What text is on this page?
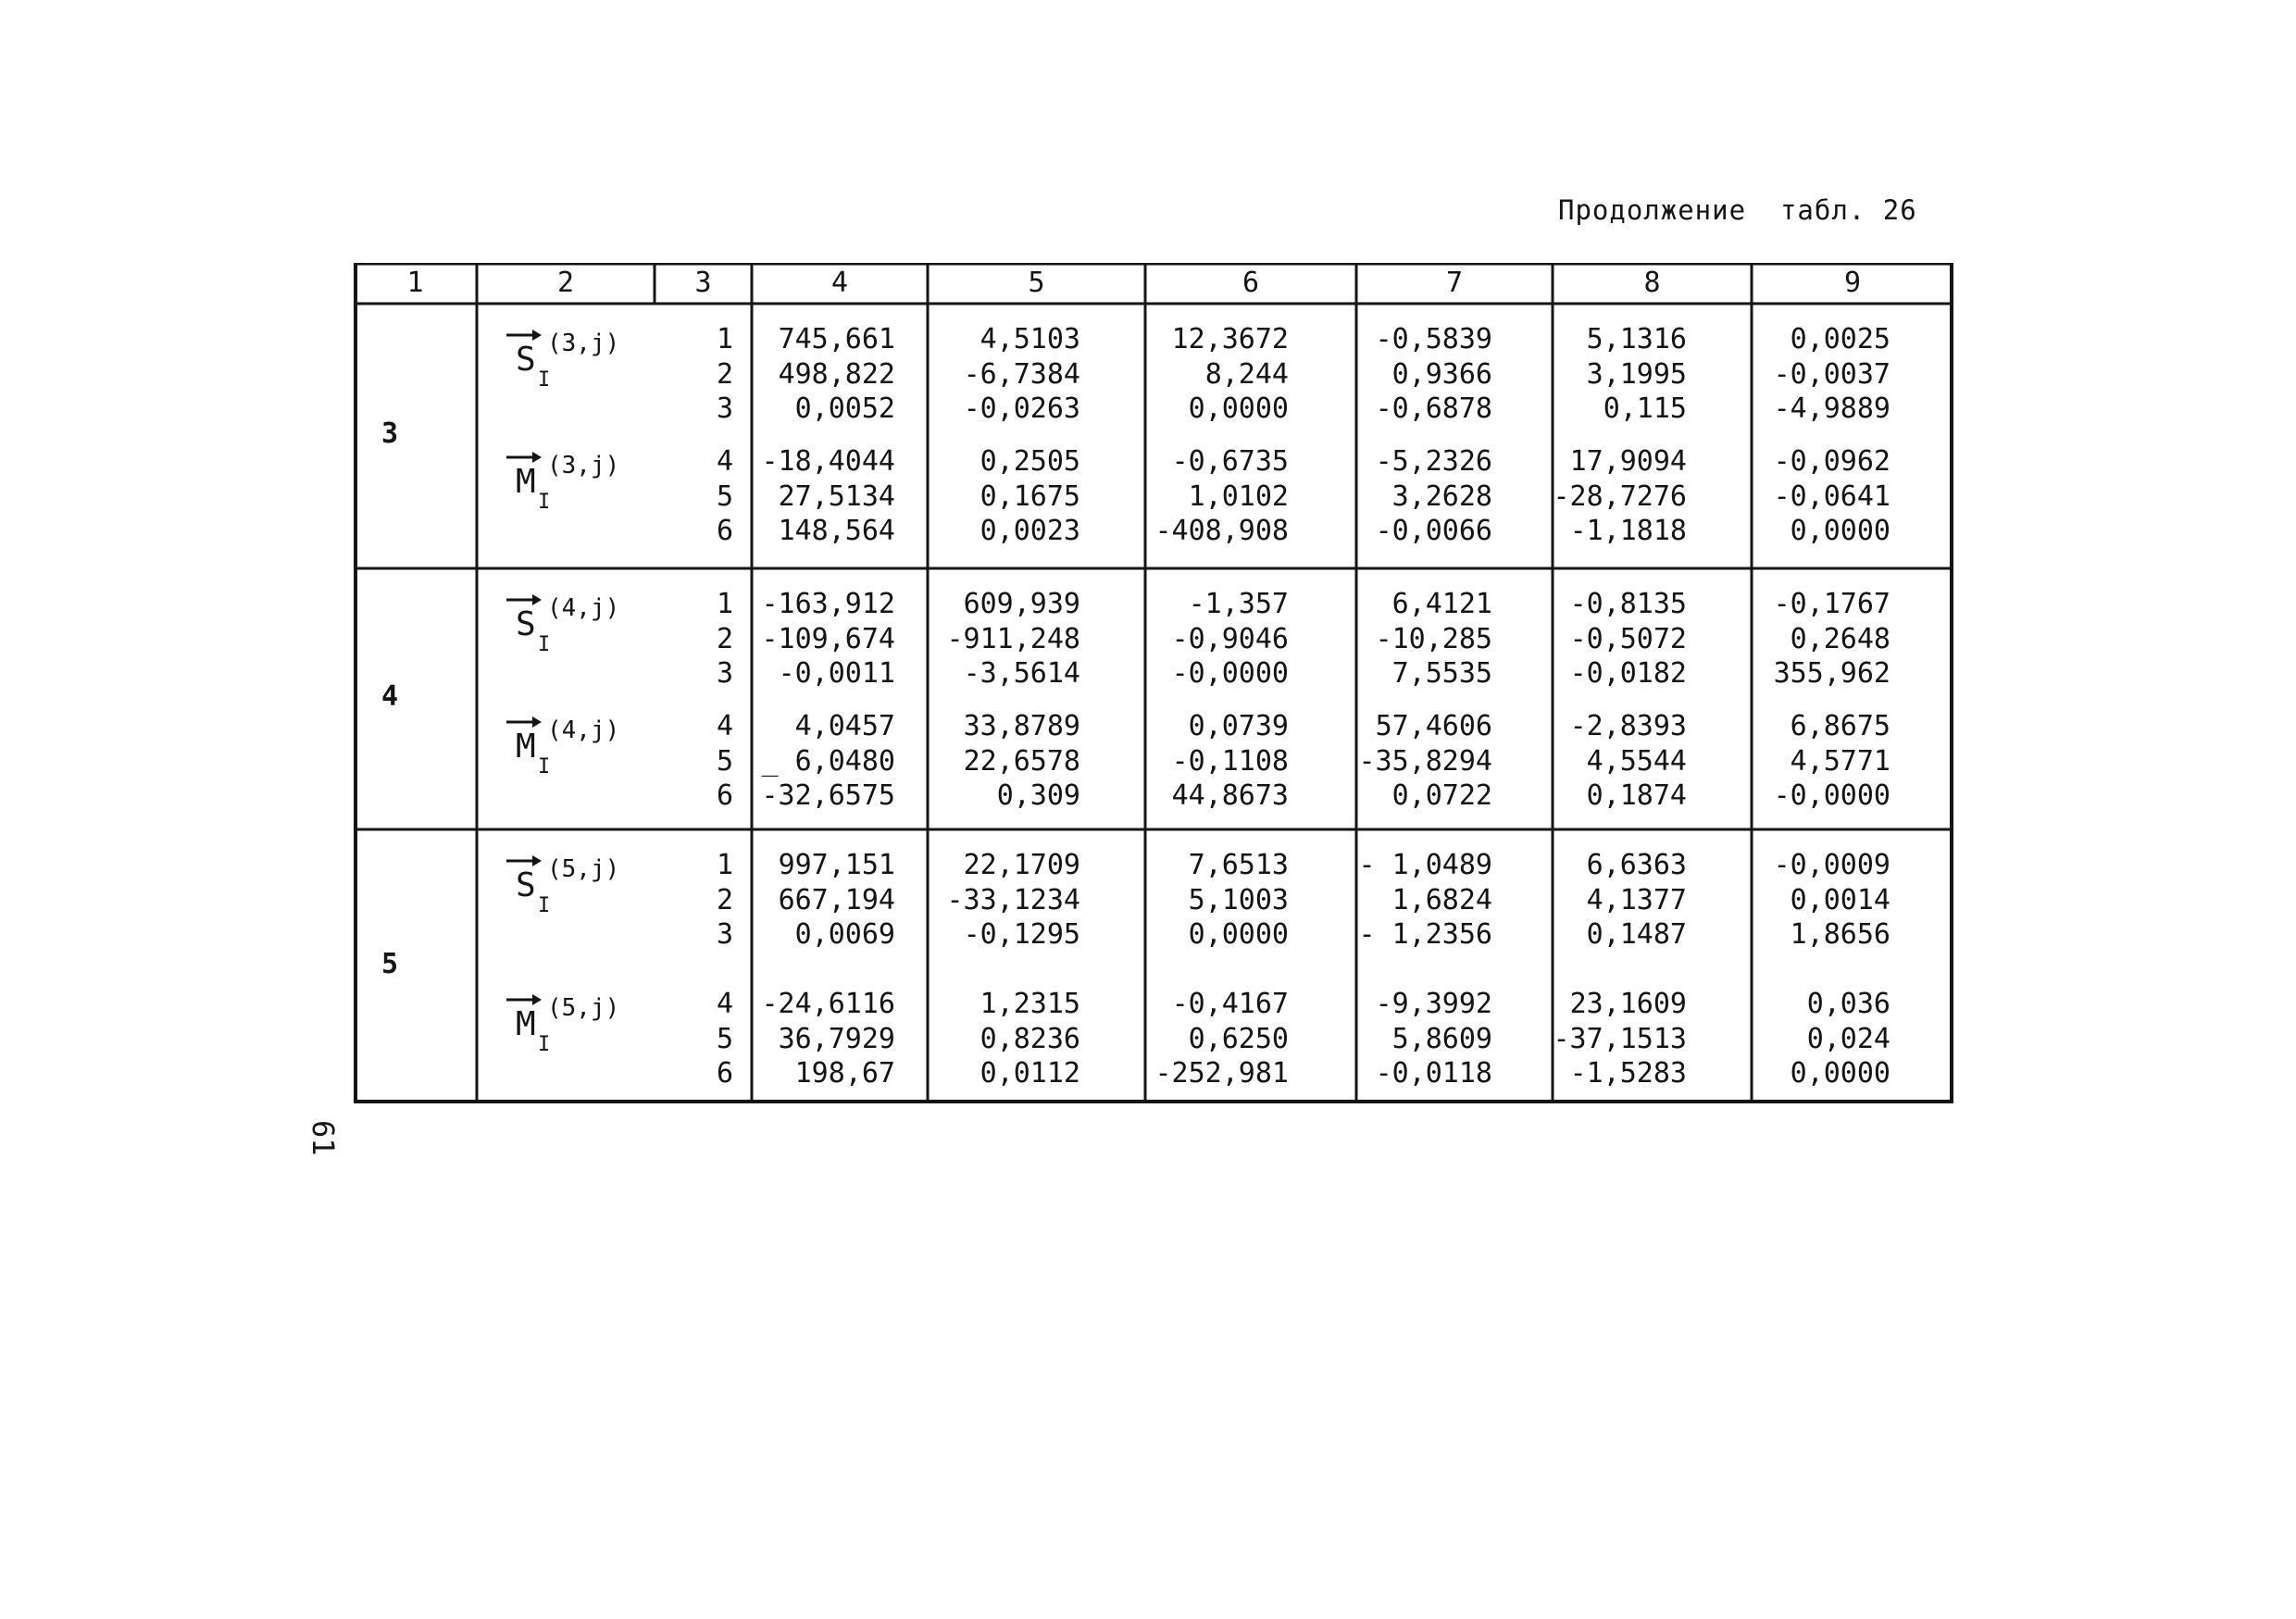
Продолжение  табл. 26
1	2	3	4	5	6	7	8	9
3
S (3,j)
I
1 745,661	4,5103	12,3672	-0,5839	5,1316	0,0025
2 498,822 -6,7384	8,244	0,9366	3,1995	-0,0037
3 0,0052 -0,0263	0,0000	-0,6878	0,115	-4,9889
M (3,j)
I
4 -18,4044	0,2505	-0,6735	-5,2326	17,9094	-0,0962
5 27,5134	0,1675	1,0102	3,2628 -28,7276	-0,0641
6 148,564	0,0023	-408,908	-0,0066	-1,1818	0,0000
4
S (4,j)
I
1 -163,912 609,939	-1,357	6,4121	-0,8135	-0,1767
2 -109,674 -911,248	-0,9046	-10,285	-0,5072	0,2648
3 -0,0011 -3,5614	-0,0000	7,5535	-0,0182	355,962
M (4,j)
I
4 4,0457 33,8789	0,0739	57,4606	-2,8393	6,8675
5 _ 6,0480 22,6578	-0,1108	-35,8294	4,5544	4,5771
6 -32,6575	0,309	44,8673	0,0722	0,1874	-0,0000
5
S (5,j)
I
1 997,151 22,1709	7,6513	- 1,0489	6,6363	-0,0009
2 667,194 -33,1234	5,1003	1,6824	4,1377	0,0014
3 0,0069 -0,1295	0,0000	- 1,2356	0,1487	1,8656
M (5,j)
I
4 -24,6116	1,2315	-0,4167	-9,3992	23,1609	0,036
5 36,7929	0,8236	0,6250	5,8609 -37,1513	0,024
6 198,67	0,0112	-252,981	-0,0118	-1,5283	0,0000
61
